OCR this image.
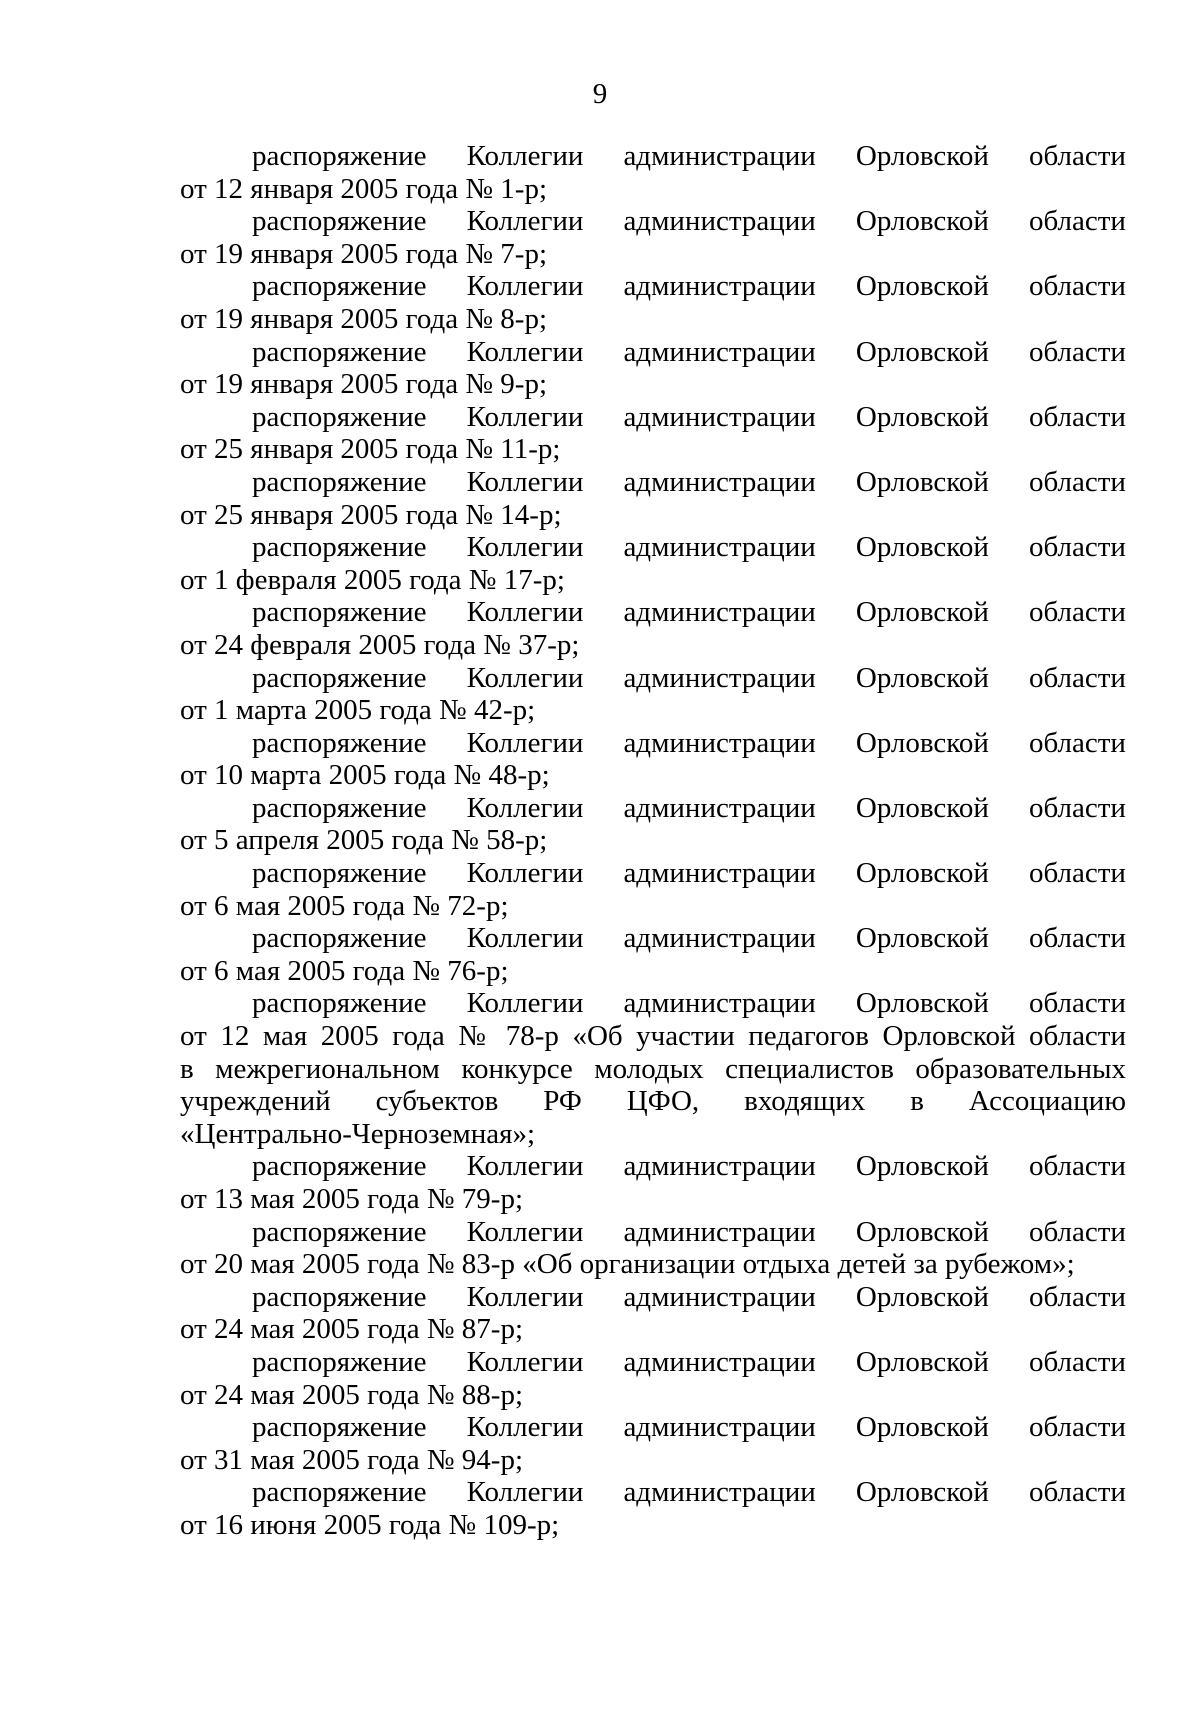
9

распоряжение Коллегии администрации Орловской области

от 12 января 2005 года № 1-р;

распоряжение Коллегии администрации Орловской области

от 19 января 2005 года № 7-р;

распоряжение Коллегии администрации Орловской области

от 19 января 2005 года № 8-р;

распоряжение Коллегии администрации Орловской области

от 19 января 2005 года № 9-р;

распоряжение Коллегии администрации Орловской области

от 25 января 2005 года № 11-р;

распоряжение Коллегии администрации Орловской области

от 25 января 2005 года № 14-р;

распоряжение Коллегии администрации Орловской области

от 1 февраля 2005 года № 17-р;

распоряжение Коллегии администрации Орловской области

от 24 февраля 2005 года № 37-р;

распоряжение Коллегии администрации Орловской области

от 1 марта 2005 года № 42-р;

распоряжение Коллегии администрации Орловской области

от 10 марта 2005 года № 48-р;

распоряжение Коллегии администрации Орловской области

от 5 апреля 2005 года № 58-р;

распоряжение Коллегии администрации Орловской области

от 6 мая 2005 года № 72-р;

распоряжение Коллегии администрации Орловской области

от 6 мая 2005 года № 76-р;

распоряжение Коллегии администрации Орловской области

от 12 мая 2005 года № 78-р «Об участии педагогов Орловской области
в межрегиональном конкурсе молодых специалистов образовательных
учреждений субъектов РФ ЦФО, входящих в Ассоциацию
«Центрально-Черноземная»;

распоряжение Коллегии администрации Орловской области

от 13 мая 2005 года № 79-р;

распоряжение Коллегии администрации Орловской области

от 20 мая 2005 года № 83-р «Об организации отдыха детей за рубежом»;

распоряжение Коллегии администрации Орловской области

от 24 мая 2005 года № 87-р;

распоряжение Коллегии администрации Орловской области

от 24 мая 2005 года № 88-р;

распоряжение Коллегии администрации Орловской области

от 31 мая 2005 года № 94-р;

распоряжение Коллегии администрации Орловской области

от 16 июня 2005 года № 109-р;
